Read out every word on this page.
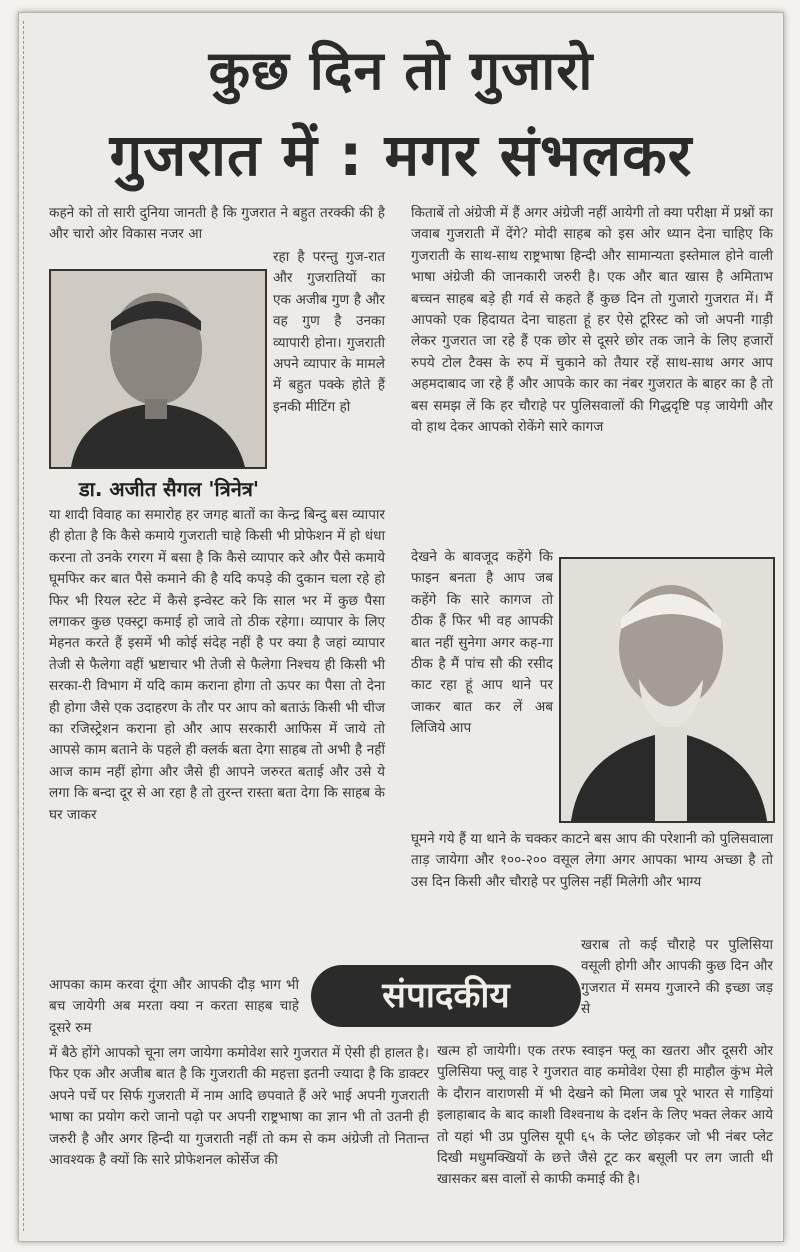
कुछ दिन तो गुजारो
गुजरात में : मगर संभलकर

कहने को तो सारी दुनिया जानती है कि गुजरात ने बहुत तरक्की की है और चारो ओर विकास नजर आ

डा. अजीत सैगल 'त्रिनेत्र'

रहा है परन्तु गुज-रात और गुजरातियों का एक अजीब गुण है और वह गुण है उनका व्यापारी होना। गुजराती अपने व्यापार के मामले में बहुत पक्के होते हैं इनकी मीटिंग हो

या शादी विवाह का समारोह हर जगह बातों का केन्द्र बिन्दु बस व्यापार ही होता है कि कैसे कमाये गुजराती चाहे किसी भी प्रोफेशन में हो धंधा करना तो उनके रगरग में बसा है कि कैसे व्यापार करे और पैसे कमाये घूमफिर कर बात पैसे कमाने की है यदि कपड़े की दुकान चला रहे हो फिर भी रियल स्टेट में कैसे इन्वेस्ट करे कि साल भर में कुछ पैसा लगाकर कुछ एक्स्ट्रा कमाई हो जावे तो ठीक रहेगा। व्यापार के लिए मेहनत करते हैं इसमें भी कोई संदेह नहीं है पर क्या है जहां व्यापार तेजी से फैलेगा वहीं भ्रष्टाचार भी तेजी से फैलेगा निश्चय ही किसी भी सरका-री विभाग में यदि काम कराना होगा तो ऊपर का पैसा तो देना ही होगा जैसे एक उदाहरण के तौर पर आप को बताऊं किसी भी चीज का रजिस्ट्रेशन कराना हो और आप सरकारी आफिस में जाये तो आपसे काम बताने के पहले ही क्लर्क बता देगा साहब तो अभी है नहीं आज काम नहीं होगा और जैसे ही आपने जरुरत बताई और उसे ये लगा कि बन्दा दूर से आ रहा है तो तुरन्त रास्ता बता देगा कि साहब के घर जाकर

आपका काम करवा दूंगा और आपकी दौड़ भाग भी बच जायेगी अब मरता क्या न करता साहब चाहे दूसरे रुम

में बैठे होंगे आपको चूना लग जायेगा कमोवेश सारे गुजरात में ऐसी ही हालत है। फिर एक और अजीब बात है कि गुजराती की महत्ता इतनी ज्यादा है कि डाक्टर अपने पर्चे पर सिर्फ गुजराती में नाम आदि छपवाते हैं अरे भाई अपनी गुजराती भाषा का प्रयोग करो जानो पढ़ो पर अपनी राष्ट्रभाषा का ज्ञान भी तो उतनी ही जरुरी है और अगर हिन्दी या गुजराती नहीं तो कम से कम अंग्रेजी तो नितान्त आवश्यक है क्यों कि सारे प्रोफेशनल कोर्सेज की

किताबें तो अंग्रेजी में हैं अगर अंग्रेजी नहीं आयेगी तो क्या परीक्षा में प्रश्नों का जवाब गुजराती में देंगे? मोदी साहब को इस ओर ध्यान देना चाहिए कि गुजराती के साथ-साथ राष्ट्रभाषा हिन्दी और सामान्यता इस्तेमाल होने वाली भाषा अंग्रेजी की जानकारी जरुरी है। एक और बात खास है अमिताभ बच्चन साहब बड़े ही गर्व से कहते हैं कुछ दिन तो गुजारो गुजरात में। मैं आपको एक हिदायत देना चाहता हूं हर ऐसे टूरिस्ट को जो अपनी गाड़ी लेकर गुजरात जा रहे हैं एक छोर से दूसरे छोर तक जाने के लिए हजारों रुपये टोल टैक्स के रुप में चुकाने को तैयार रहें साथ-साथ अगर आप अहमदाबाद जा रहे हैं और आपके कार का नंबर गुजरात के बाहर का है तो बस समझ लें कि हर चौराहे पर पुलिसवालों की गिद्धदृष्टि पड़ जायेगी और वो हाथ देकर आपको रोकेंगे सारे कागज

देखने के बावजूद कहेंगे कि फाइन बनता है आप जब कहेंगे कि सारे कागज तो ठीक हैं फिर भी वह आपकी बात नहीं सुनेगा अगर कह-गा ठीक है मैं पांच सौ की रसीद काट रहा हूं आप थाने पर जाकर बात कर लें अब लिजिये आप

घूमने गये हैं या थाने के चक्कर काटने बस आप की परेशानी को पुलिसवाला ताड़ जायेगा और १००-२०० वसूल लेगा अगर आपका भाग्य अच्छा है तो उस दिन किसी और चौराहे पर पुलिस नहीं मिलेगी और भाग्य

खराब तो कई चौराहे पर पुलिसिया वसूली होगी और आपकी कुछ दिन और गुजरात में समय गुजारने की इच्छा जड़ से

खत्म हो जायेगी। एक तरफ स्वाइन फ्लू का खतरा और दूसरी ओर पुलिसिया फ्लू वाह रे गुजरात वाह कमोवेश ऐसा ही माहौल कुंभ मेले के दौरान वाराणसी में भी देखने को मिला जब पूरे भारत से गाड़ियां इलाहाबाद के बाद काशी विश्वनाथ के दर्शन के लिए भक्त लेकर आये तो यहां भी उप्र पुलिस यूपी ६५ के प्लेट छोड़कर जो भी नंबर प्लेट दिखी मधुमक्खियों के छत्ते जैसे टूट कर बसूली पर लग जाती थी खासकर बस वालों से काफी कमाई की है।

संपादकीय
